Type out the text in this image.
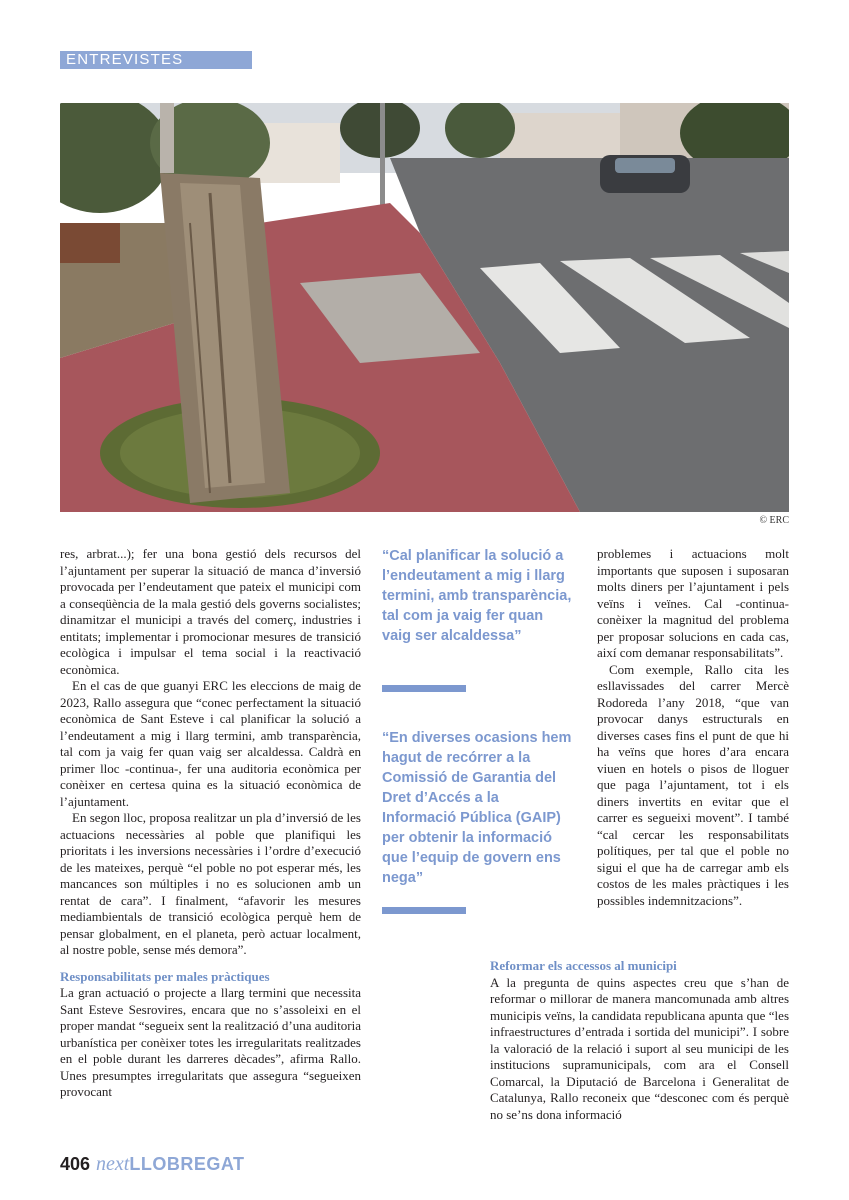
ENTREVISTES
© ERC

res, arbrat...); fer una bona gestió dels recursos del l’ajuntament per superar la situació de manca d’inversió provocada per l’endeutament que pateix el municipi com a conseqüència de la mala gestió dels governs socialistes; dinamitzar el municipi a través del comerç, industries i entitats; implementar i promocionar mesures de transició ecològica i impulsar el tema social i la reactivació econòmica.

En el cas de que guanyi ERC les eleccions de maig de 2023, Rallo assegura que “conec perfectament la situació econòmica de Sant Esteve i cal planificar la solució a l’endeutament a mig i llarg termini, amb transparència, tal com ja vaig fer quan vaig ser alcaldessa. Caldrà en primer lloc -continua-, fer una auditoria econòmica per conèixer en certesa quina es la situació econòmica de l’ajuntament.

En segon lloc, proposa realitzar un pla d’inversió de les actuacions necessàries al poble que planifiqui les prioritats i les inversions necessàries i l’ordre d’execució de les mateixes, perquè “el poble no pot esperar més, les mancances son múltiples i no es solucionen amb un rentat de cara”. I finalment, “afavorir les mesures mediambientals de transició ecològica perquè hem de pensar globalment, en el planeta, però actuar localment, al nostre poble, sense més demora”.

Responsabilitats per males pràctiques

La gran actuació o projecte a llarg termini que necessita Sant Esteve Sesrovires, encara que no s’assoleixi en el proper mandat “segueix sent la realització d’una auditoria urbanística per conèixer totes les irregularitats realitzades en el poble durant les darreres dècades”, afirma Rallo. Unes presumptes irregularitats que assegura “segueixen provocant

“Cal planificar la solució a l’endeutament a mig i llarg termini, amb transparència, tal com ja vaig fer quan vaig ser alcaldessa”
“En diverses ocasions hem hagut de recórrer a la Comissió de Garantia del Dret d’Accés a la Informació Pública (GAIP) per obtenir la informació que l’equip de govern ens nega”

problemes i actuacions molt importants que suposen i suposaran molts diners per l’ajuntament i pels veïns i veïnes. Cal -continua- conèixer la magnitud del problema per proposar solucions en cada cas, així com demanar responsabilitats”.

Com exemple, Rallo cita les esllavissades del carrer Mercè Rodoreda l’any 2018, “que van provocar danys estructurals en diverses cases fins el punt de que hi ha veïns que hores d’ara encara viuen en hotels o pisos de lloguer que paga l’ajuntament, tot i els diners invertits en evitar que el carrer es segueixi movent”. I també “cal cercar les responsabilitats polítiques, per tal que el poble no sigui el que ha de carregar amb els costos de les males pràctiques i les possibles indemnitzacions”.

Reformar els accessos al municipi

A la pregunta de quins aspectes creu que s’han de reformar o millorar de manera mancomunada amb altres municipis veïns, la candidata republicana apunta que “les infraestructures d’entrada i sortida del municipi”. I sobre la valoració de la relació i suport al seu municipi de les institucions supramunicipals, com ara el Consell Comarcal, la Diputació de Barcelona i Generalitat de Catalunya, Rallo reconeix que “desconec com és perquè no se’ns dona informació

406 nextLLOBREGAT
